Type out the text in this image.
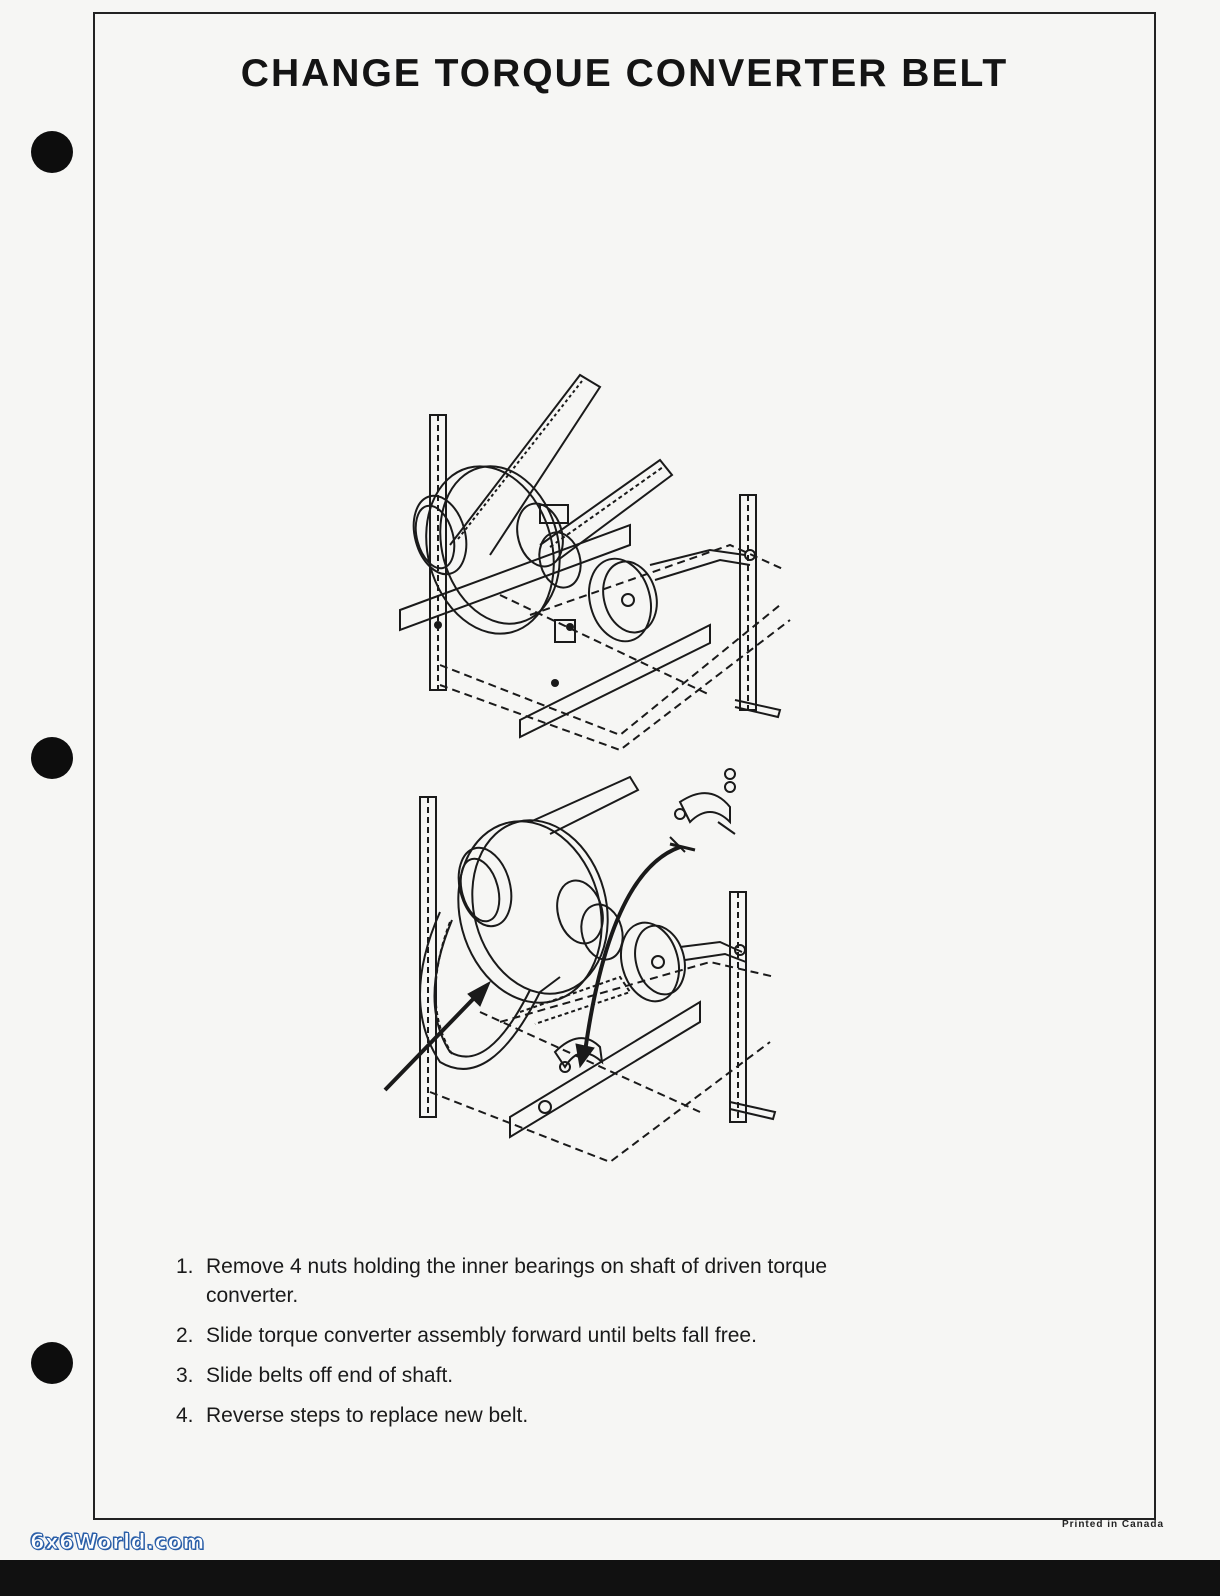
CHANGE TORQUE CONVERTER BELT
1. Remove 4 nuts holding the inner bearings on shaft of driven torque converter.
2. Slide torque converter assembly forward until belts fall free.
3. Slide belts off end of shaft.
4. Reverse steps to replace new belt.
Printed in Canada
6x6World.com
